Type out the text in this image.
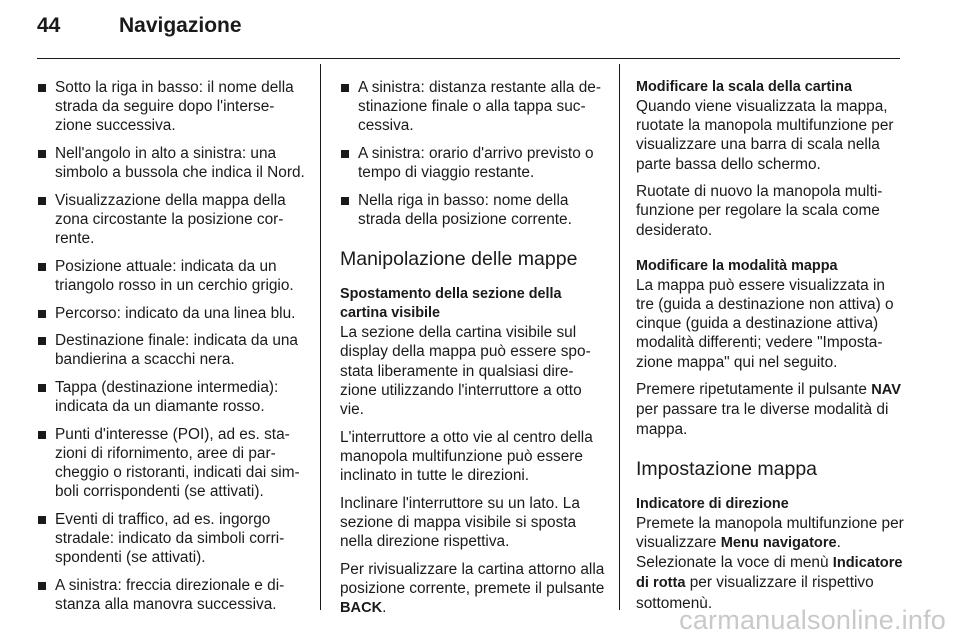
44	Navigazione
Sotto la riga in basso: il nome della strada da seguire dopo l'intersezione successiva.
Nell'angolo in alto a sinistra: una simbolo a bussola che indica il Nord.
Visualizzazione della mappa della zona circostante la posizione corrente.
Posizione attuale: indicata da un triangolo rosso in un cerchio grigio.
Percorso: indicato da una linea blu.
Destinazione finale: indicata da una bandierina a scacchi nera.
Tappa (destinazione intermedia): indicata da un diamante rosso.
Punti d'interesse (POI), ad es. stazioni di rifornimento, aree di parcheggio o ristoranti, indicati dai simboli corrispondenti (se attivati).
Eventi di traffico, ad es. ingorgo stradale: indicato da simboli corrispondenti (se attivati).
A sinistra: freccia direzionale e distanza alla manovra successiva.
A sinistra: distanza restante alla destinazione finale o alla tappa successiva.
A sinistra: orario d'arrivo previsto o tempo di viaggio restante.
Nella riga in basso: nome della strada della posizione corrente.
Manipolazione delle mappe
Spostamento della sezione della cartina visibile

La sezione della cartina visibile sul display della mappa può essere spostata liberamente in qualsiasi direzione utilizzando l'interruttore a otto vie.

L'interruttore a otto vie al centro della manopola multifunzione può essere inclinato in tutte le direzioni.

Inclinare l'interruttore su un lato. La sezione di mappa visibile si sposta nella direzione rispettiva.

Per rivisualizzare la cartina attorno alla posizione corrente, premete il pulsante BACK.

Modificare la scala della cartina

Quando viene visualizzata la mappa, ruotate la manopola multifunzione per visualizzare una barra di scala nella parte bassa dello schermo.

Ruotate di nuovo la manopola multifunzione per regolare la scala come desiderato.

Modificare la modalità mappa

La mappa può essere visualizzata in tre (guida a destinazione non attiva) o cinque (guida a destinazione attiva) modalità differenti; vedere "Impostazione mappa" qui nel seguito.

Premere ripetutamente il pulsante NAV per passare tra le diverse modalità di mappa.

Impostazione mappa
Indicatore di direzione

Premete la manopola multifunzione per visualizzare Menu navigatore. Selezionate la voce di menù Indicatore di rotta per visualizzare il rispettivo sottomenù.

carmanualsonline.info
